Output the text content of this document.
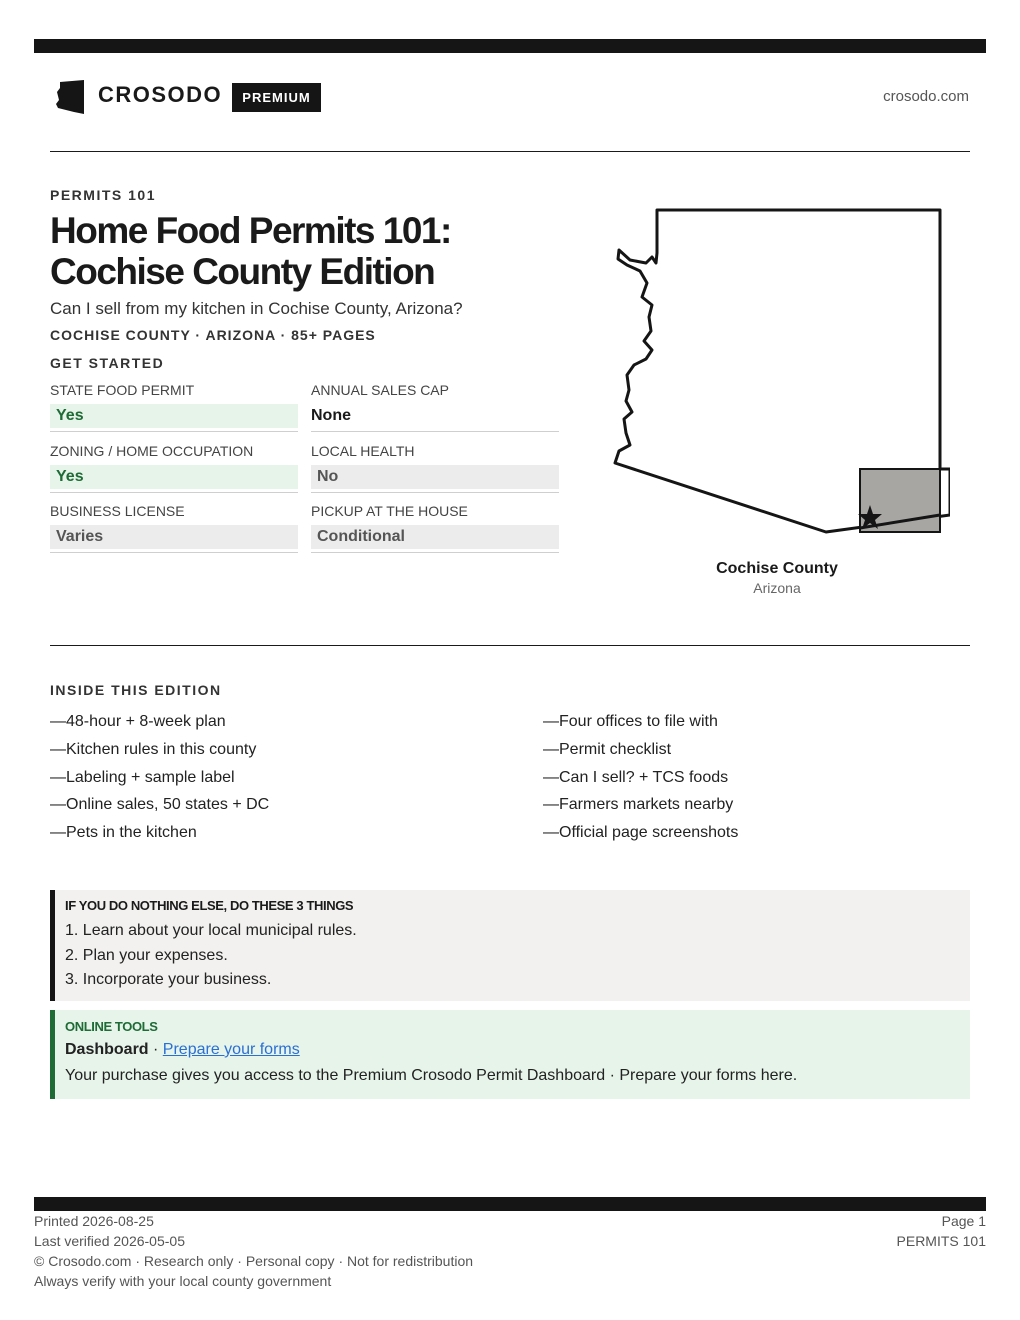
CROSODO	PREMIUM	crosodo.com
PERMITS 101
Home Food Permits 101: Cochise County Edition
Can I sell from my kitchen in Cochise County, Arizona?
COCHISE COUNTY · ARIZONA · 85+ PAGES
GET STARTED
STATE FOOD PERMIT
Yes
ANNUAL SALES CAP
None
ZONING / HOME OCCUPATION
Yes
LOCAL HEALTH
No
BUSINESS LICENSE
Varies
PICKUP AT THE HOUSE
Conditional
Cochise County
Arizona
INSIDE THIS EDITION
—48-hour + 8-week plan
—Kitchen rules in this county
—Labeling + sample label
—Online sales, 50 states + DC
—Pets in the kitchen
—Four offices to file with
—Permit checklist
—Can I sell? + TCS foods
—Farmers markets nearby
—Official page screenshots
IF YOU DO NOTHING ELSE, DO THESE 3 THINGS
1. Learn about your local municipal rules.
2. Plan your expenses.
3. Incorporate your business.
ONLINE TOOLS
Dashboard · Prepare your forms
Your purchase gives you access to the Premium Crosodo Permit Dashboard · Prepare your forms here.
Printed 2026-08-25
Last verified 2026-05-05
© Crosodo.com · Research only · Personal copy · Not for redistribution
Always verify with your local county government
Page 1
PERMITS 101
